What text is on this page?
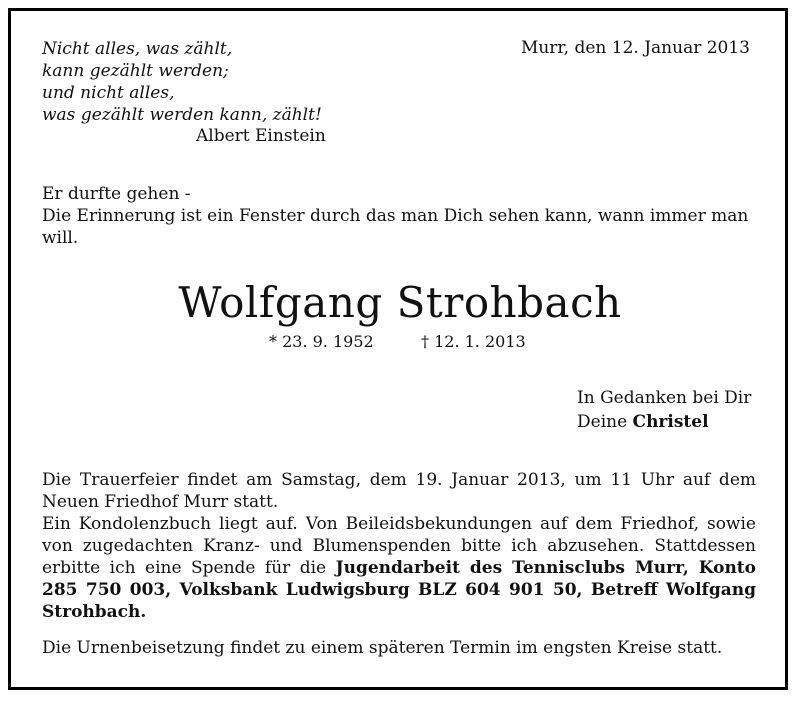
Nicht alles, was zählt,
kann gezählt werden;
und nicht alles,
was gezählt werden kann, zählt!
Albert Einstein
Murr, den 12. Januar 2013
Er durfte gehen -
Die Erinnerung ist ein Fenster durch das man Dich sehen kann, wann immer man will.
Wolfgang Strohbach
* 23. 9. 1952	† 12. 1. 2013
In Gedanken bei Dir
Deine Christel

Die Trauerfeier findet am Samstag, dem 19. Januar 2013, um 11 Uhr auf dem Neuen Friedhof Murr statt.

Ein Kondolenzbuch liegt auf. Von Beileidsbekundungen auf dem Friedhof, sowie von zugedachten Kranz- und Blumenspenden bitte ich abzusehen. Stattdessen erbitte ich eine Spende für die Jugendarbeit des Tennisclubs Murr, Konto 285 750 003, Volksbank Ludwigsburg BLZ 604 901 50, Betreff Wolfgang Strohbach.

Die Urnenbeisetzung findet zu einem späteren Termin im engsten Kreise statt.
